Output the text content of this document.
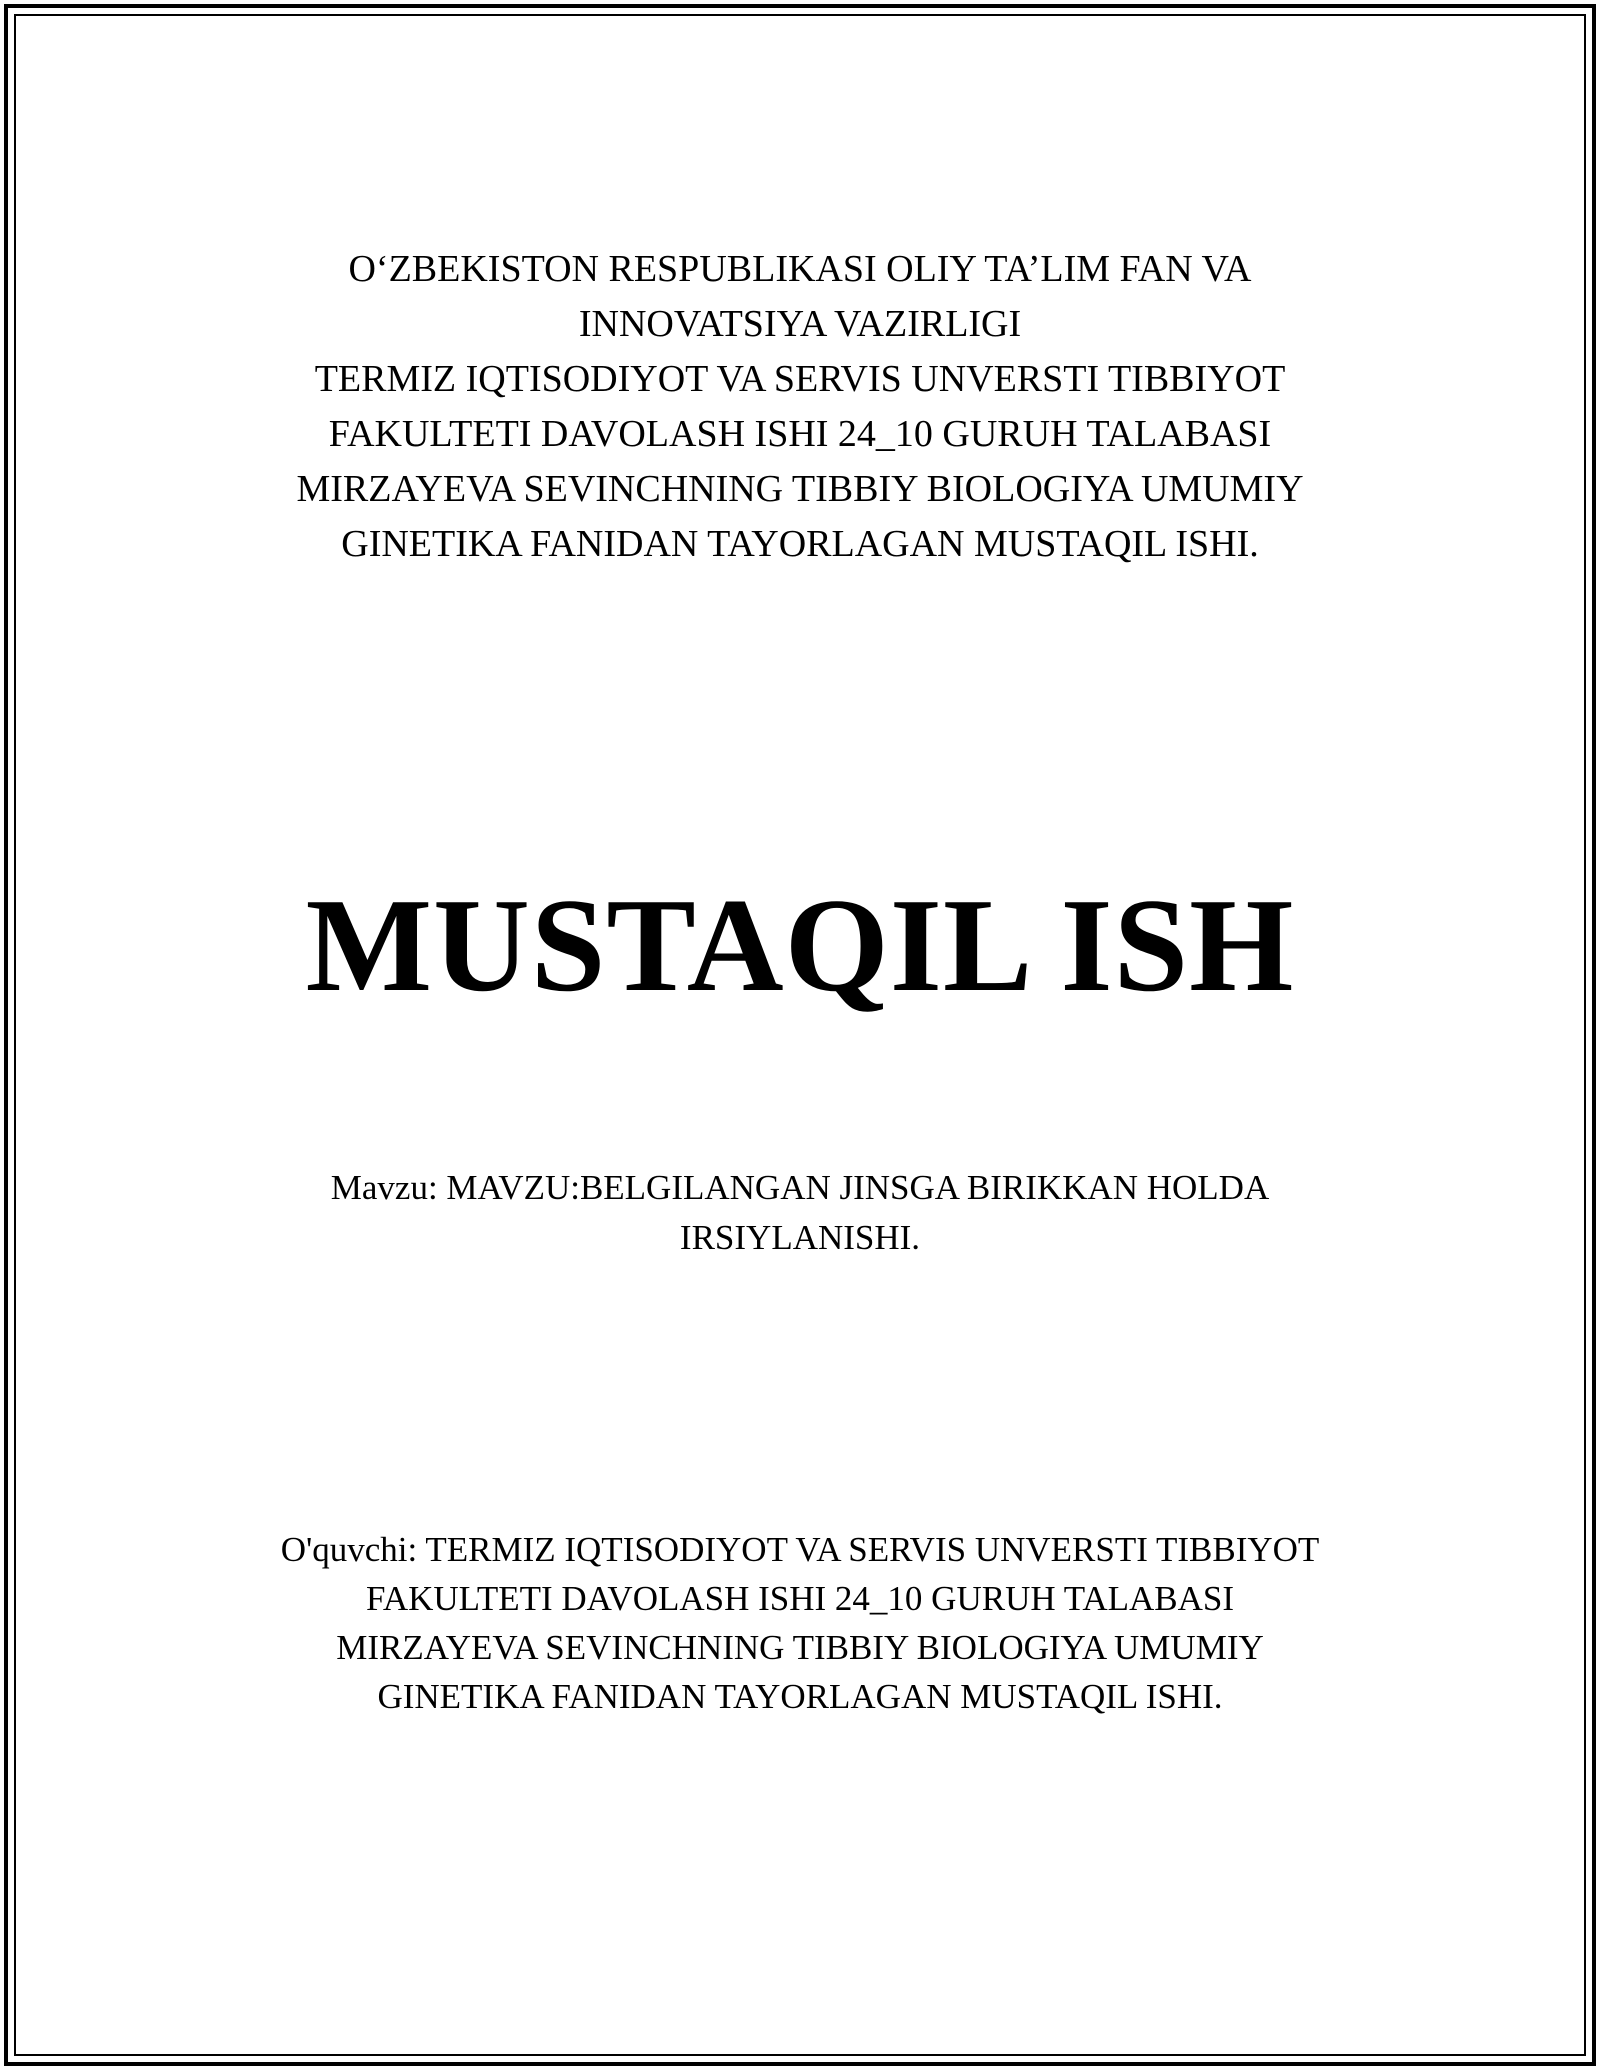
O‘ZBEKISTON RESPUBLIKASI OLIY TA’LIM FAN VA
INNOVATSIYA VAZIRLIGI
TERMIZ IQTISODIYOT VA SERVIS UNVERSTI TIBBIYOT
FAKULTETI DAVOLASH ISHI 24_10 GURUH TALABASI
MIRZAYEVA SEVINCHNING TIBBIY BIOLOGIYA UMUMIY
GINETIKA FANIDAN TAYORLAGAN MUSTAQIL ISHI.
MUSTAQIL ISH
Mavzu: MAVZU:BELGILANGAN JINSGA BIRIKKAN HOLDA
IRSIYLANISHI.
O'quvchi: TERMIZ IQTISODIYOT VA SERVIS UNVERSTI TIBBIYOT
FAKULTETI DAVOLASH ISHI 24_10 GURUH TALABASI
MIRZAYEVA SEVINCHNING TIBBIY BIOLOGIYA UMUMIY
GINETIKA FANIDAN TAYORLAGAN MUSTAQIL ISHI.
